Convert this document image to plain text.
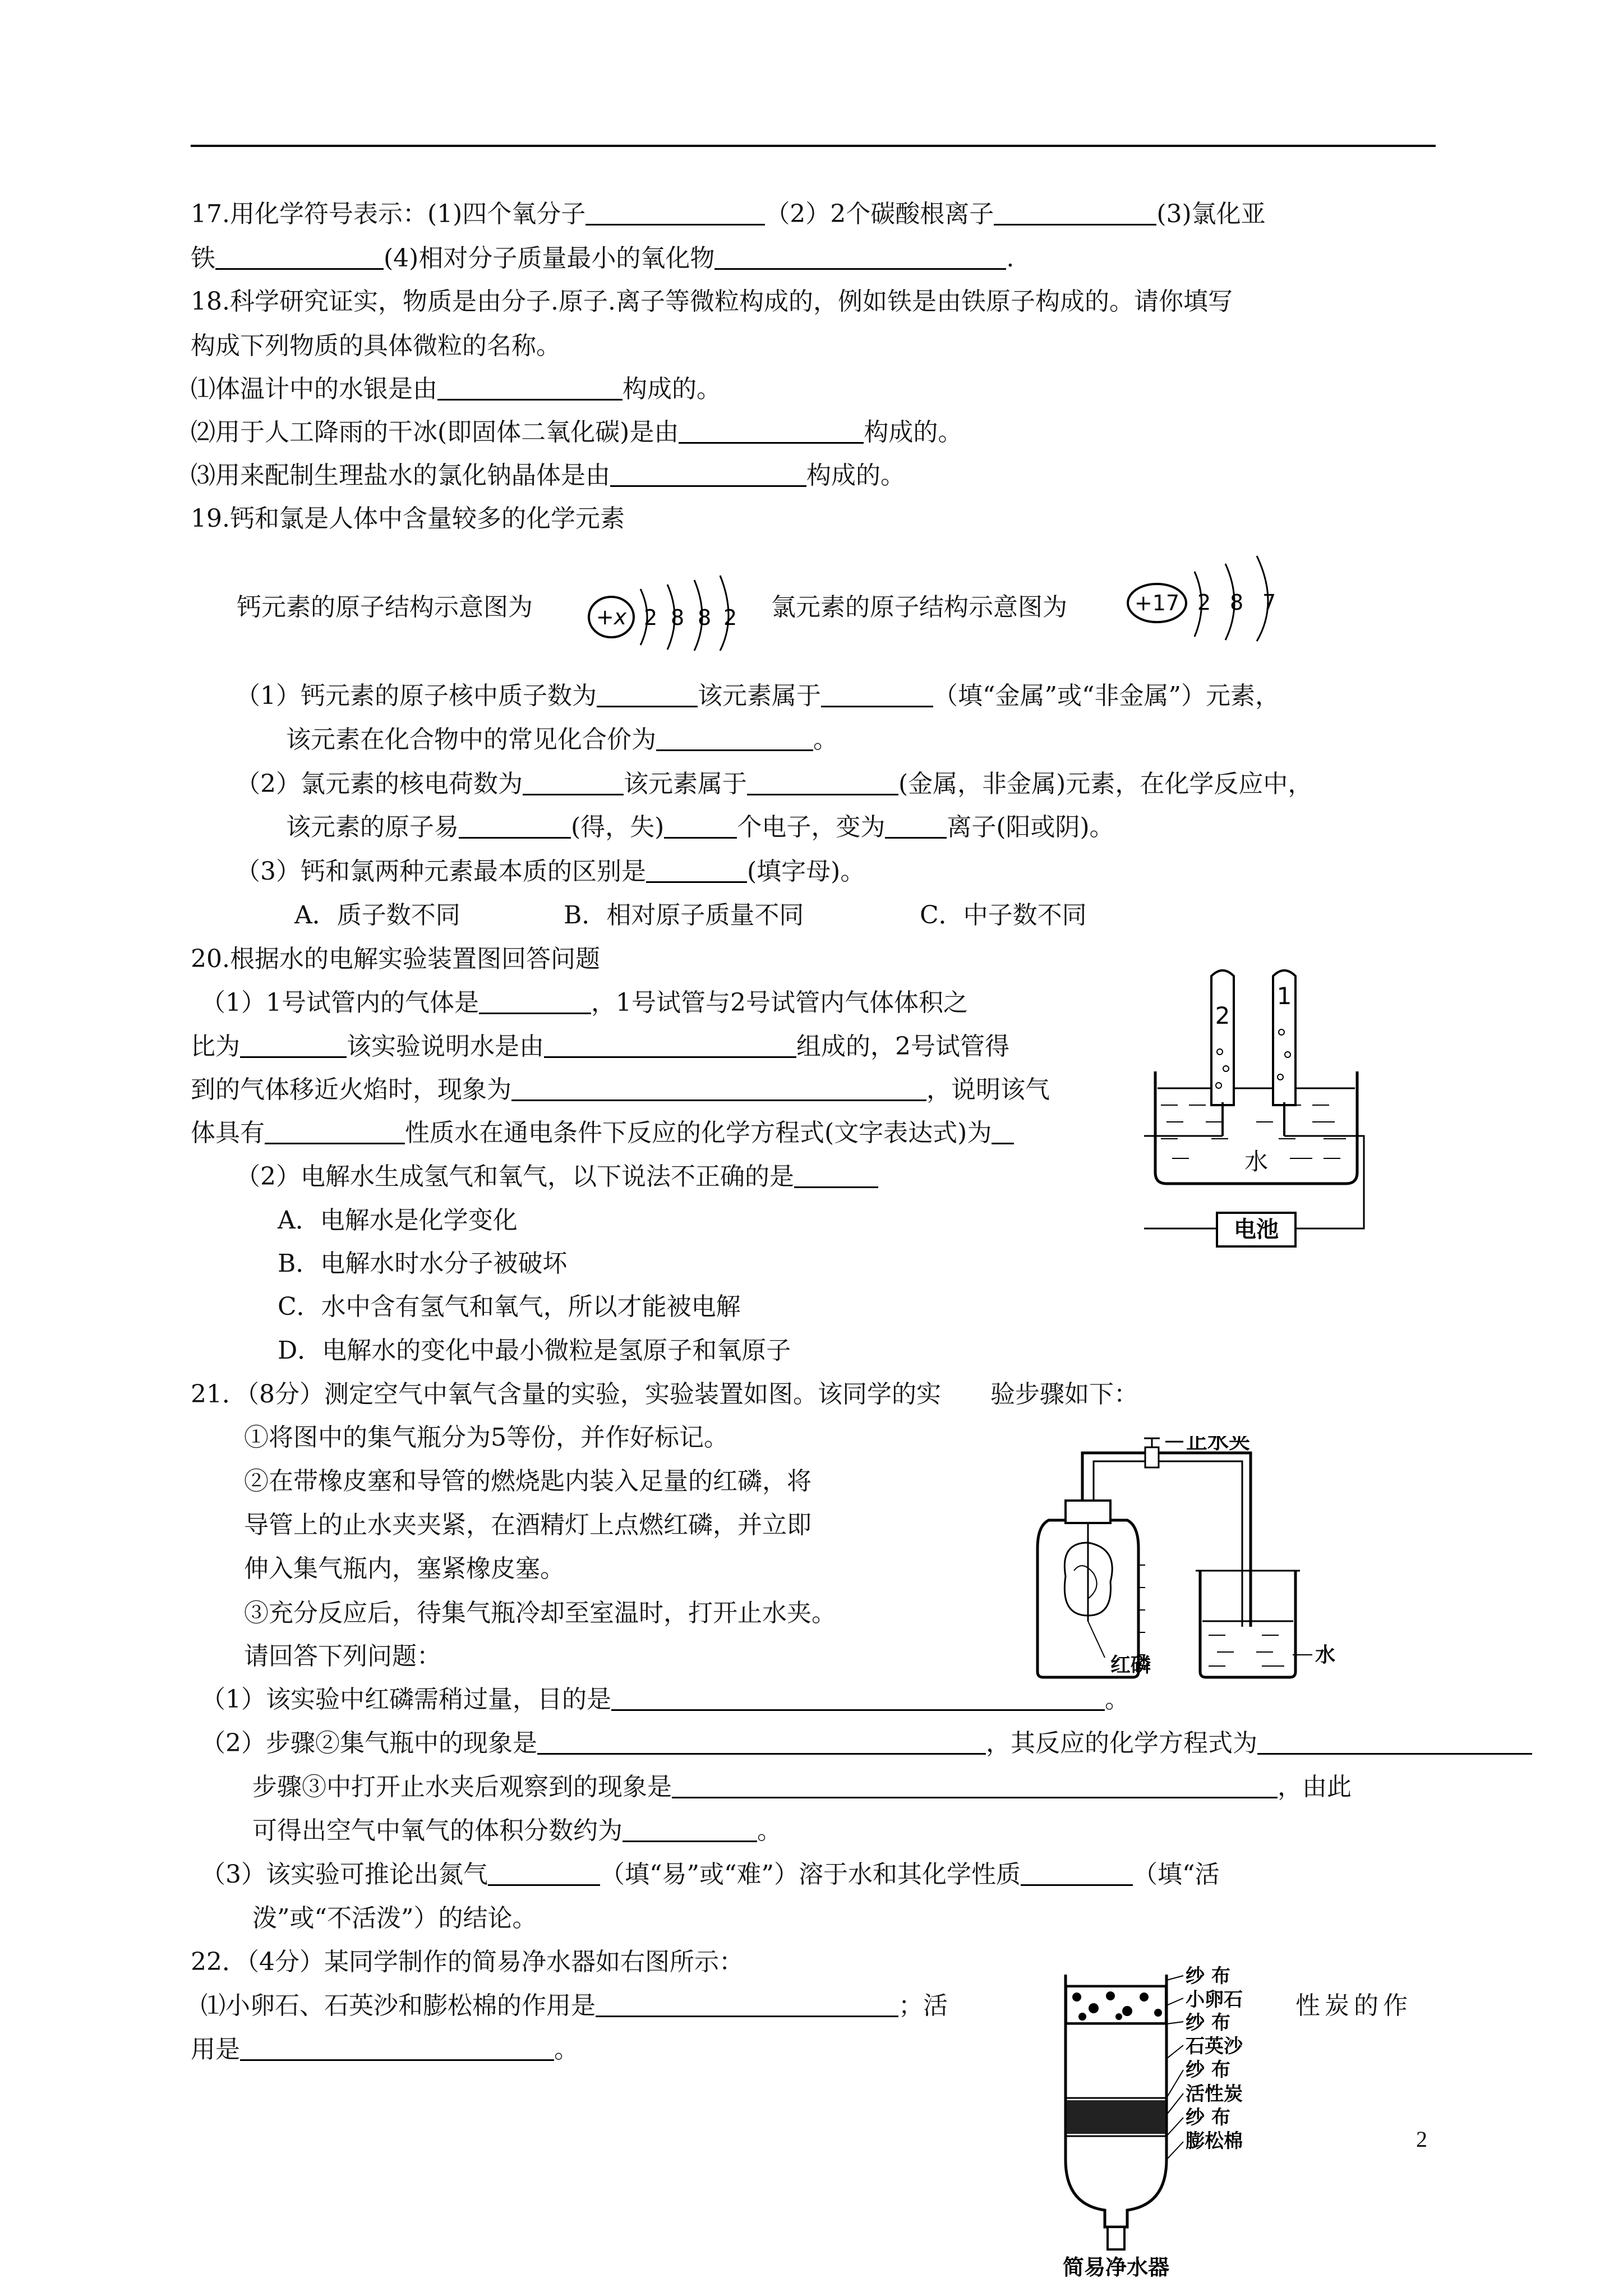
17.用化学符号表示：(1)四个氧分子	（2）2个碳酸根离子	(3)氯化亚
铁	(4)相对分子质量最小的氧化物	.
18.科学研究证实，物质是由分子.原子.离子等微粒构成的，例如铁是由铁原子构成的。请你填写
构成下列物质的具体微粒的名称。
⑴体温计中的水银是由	构成的。
⑵用于人工降雨的干冰(即固体二氧化碳)是由	构成的。
⑶用来配制生理盐水的氯化钠晶体是由	构成的。
19.钙和氯是人体中含量较多的化学元素
钙元素的原子结构示意图为	+x 2 8 8 2 氯元素的原子结构示意图为	+17 2 8 7
（1）钙元素的原子核中质子数为	该元素属于	（填“金属”或“非金属”）元素，
该元素在化合物中的常见化合价为	。
（2）氯元素的核电荷数为	该元素属于	(金属，非金属)元素，在化学反应中，
该元素的原子易	(得，失)	个电子，变为	离子(阳或阴)。
（3）钙和氯两种元素最本质的区别是	(填字母)。
A．质子数不同	B．相对原子质量不同	C．中子数不同
20.根据水的电解实验装置图回答问题
（1）1号试管内的气体是	，1号试管与2号试管内气体体积之
比为	该实验说明水是由	组成的，2号试管得
到的气体移近火焰时，现象为	，说明该气
体具有	性质水在通电条件下反应的化学方程式(文字表达式)为
（2）电解水生成氢气和氧气，以下说法不正确的是
A．电解水是化学变化
B．电解水时水分子被破坏
C．水中含有氢气和氧气，所以才能被电解
D．电解水的变化中最小微粒是氢原子和氧原子
2
1
水
电池
21．（8分）测定空气中氧气含量的实验，实验装置如图。该同学的实　　验步骤如下：
①将图中的集气瓶分为5等份，并作好标记。
②在带橡皮塞和导管的燃烧匙内装入足量的红磷，将
导管上的止水夹夹紧，在酒精灯上点燃红磷，并立即
伸入集气瓶内，塞紧橡皮塞。
③充分反应后，待集气瓶冷却至室温时，打开止水夹。
请回答下列问题：
（1）该实验中红磷需稍过量，目的是	。
（2）步骤②集气瓶中的现象是	，其反应的化学方程式为
步骤③中打开止水夹后观察到的现象是	，由此
可得出空气中氧气的体积分数约为	。
（3）该实验可推论出氮气	（填“易”或“难”）溶于水和其化学性质	（填“活
泼”或“不活泼”）的结论。
止水夹
红磷	水
22．（4分）某同学制作的简易净水器如右图所示：
⑴小卵石、石英沙和膨松棉的作用是	；活	性炭的作
用是	。
纱 布
小卵石
纱 布
石英沙
纱 布
活性炭
纱 布
膨松棉
简易净水器
2
